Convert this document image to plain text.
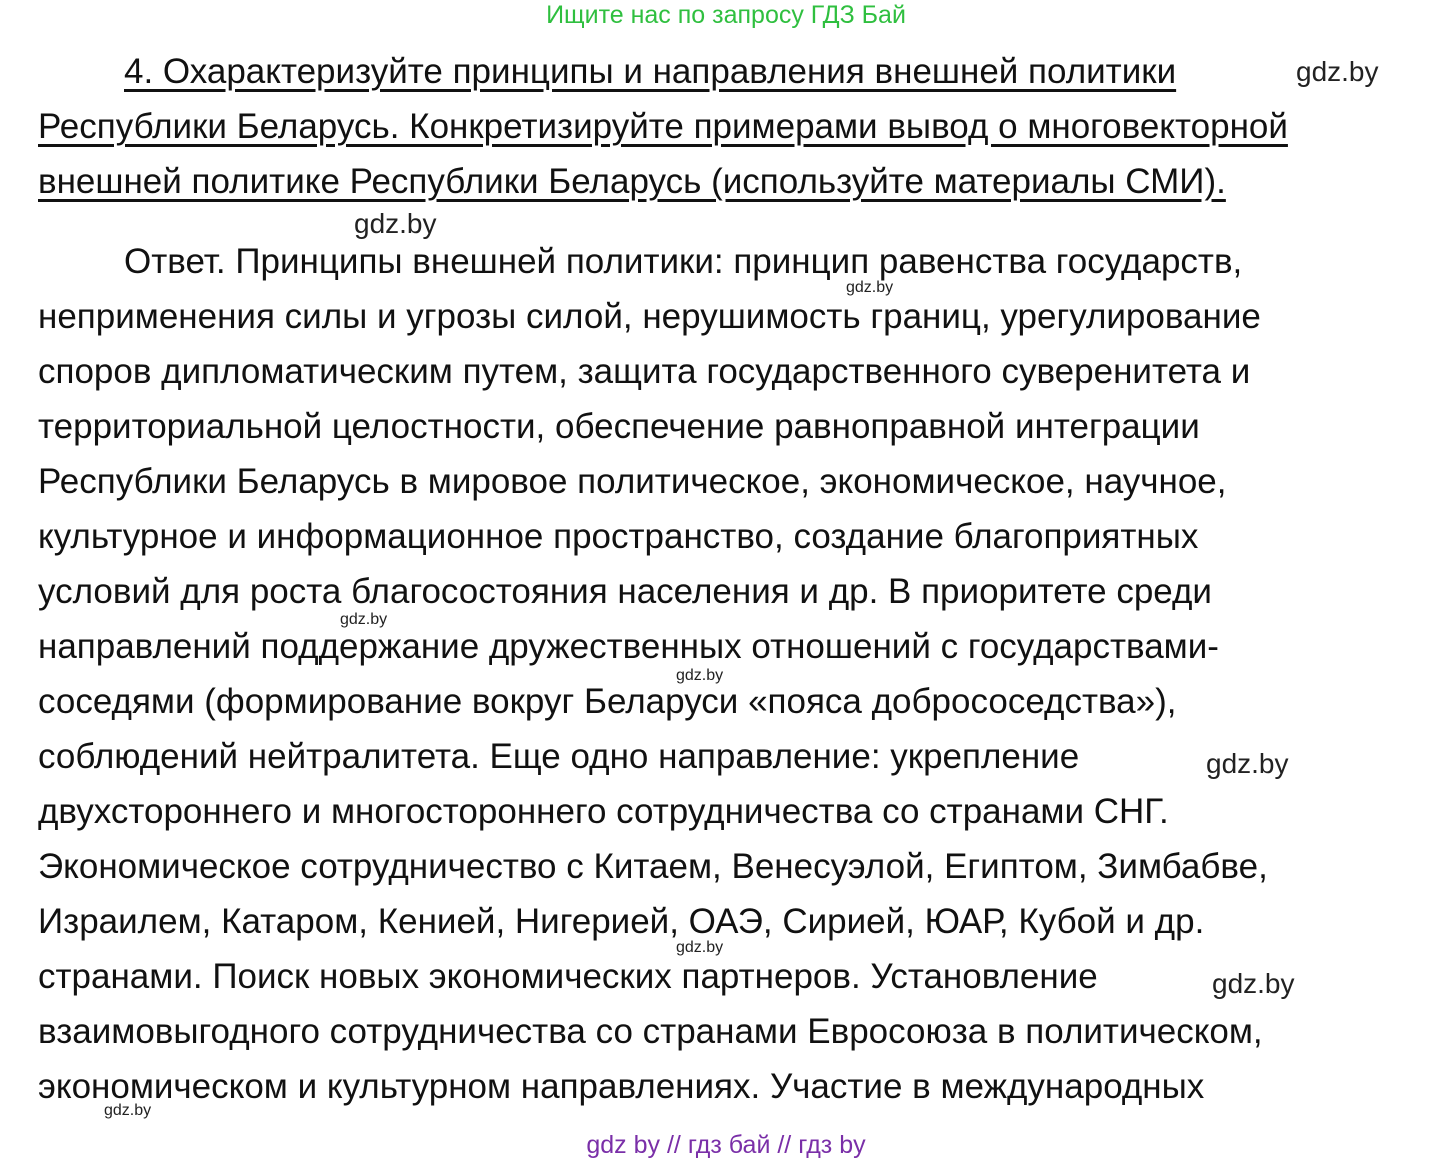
Ищите нас по запросу ГДЗ Бай
4. Охарактеризуйте принципы и направления внешней политики
Республики Беларусь. Конкретизируйте примерами вывод о многовекторной
внешней политике Республики Беларусь (используйте материалы СМИ).
Ответ. Принципы внешней политики: принцип равенства государств,
неприменения силы и угрозы силой, нерушимость границ, урегулирование
споров дипломатическим путем, защита государственного суверенитета и
территориальной целостности, обеспечение равноправной интеграции
Республики Беларусь в мировое политическое, экономическое, научное,
культурное и информационное пространство, создание благоприятных
условий для роста благосостояния населения и др. В приоритете среди
направлений поддержание дружественных отношений с государствами-
соседями (формирование вокруг Беларуси «пояса добрососедства»),
соблюдений нейтралитета. Еще одно направление: укрепление
двухстороннего и многостороннего сотрудничества со странами СНГ.
Экономическое сотрудничество с Китаем, Венесуэлой, Египтом, Зимбабве,
Израилем, Катаром, Кенией, Нигерией, ОАЭ, Сирией, ЮАР, Кубой и др.
странами. Поиск новых экономических партнеров. Установление
взаимовыгодного сотрудничества со странами Евросоюза в политическом,
экономическом и культурном направлениях. Участие в международных
gdz.by
gdz.by
gdz.by
gdz.by
gdz.by
gdz.by
gdz.by
gdz.by
gdz.by
gdz by // гдз бай // гдз by
